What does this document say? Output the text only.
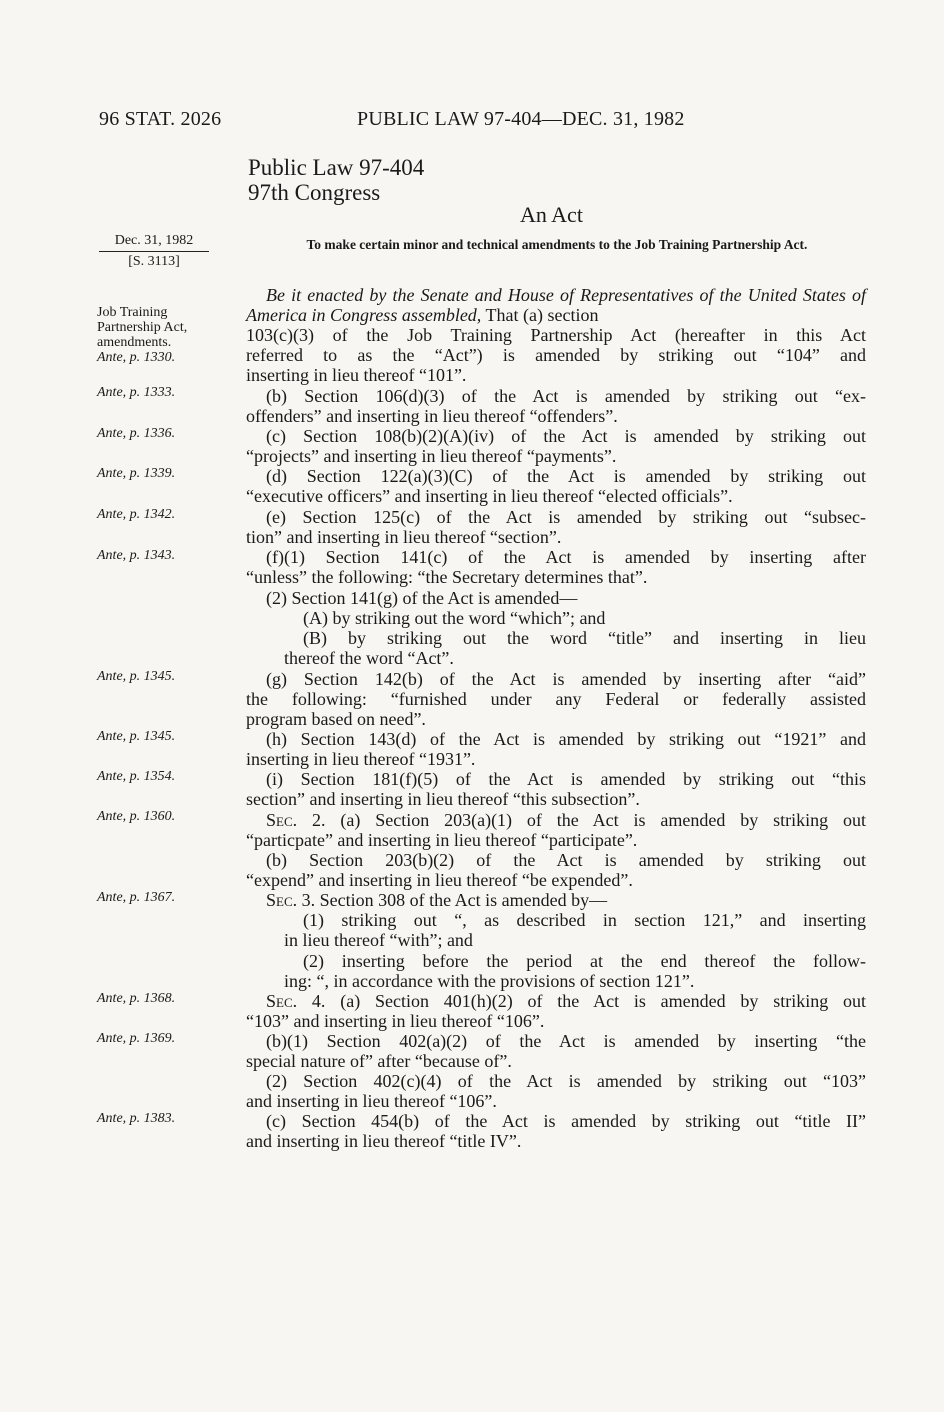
96 STAT. 2026	PUBLIC LAW 97-404—DEC. 31, 1982
Public Law 97-404
97th Congress
An Act
Dec. 31, 1982
[S. 3113]
To make certain minor and technical amendments to the Job Training Partnership Act.
Job Training Partnership Act, amendments.
Ante, p. 1330.
Ante, p. 1333.
Ante, p. 1336.
Ante, p. 1339.
Ante, p. 1342.
Ante, p. 1343.
Ante, p. 1345.
Ante, p. 1345.
Ante, p. 1354.
Ante, p. 1360.
Ante, p. 1367.
Ante, p. 1368.
Ante, p. 1369.
Ante, p. 1383.
Be it enacted by the Senate and House of Representatives of the United States of America in Congress assembled, That (a) section
103(c)(3) of the Job Training Partnership Act (hereafter in this Act
referred to as the “Act”) is amended by striking out “104” and
inserting in lieu thereof “101”.
(b) Section 106(d)(3) of the Act is amended by striking out “ex-
offenders” and inserting in lieu thereof “offenders”.
(c) Section 108(b)(2)(A)(iv) of the Act is amended by striking out
“projects” and inserting in lieu thereof “payments”.
(d) Section 122(a)(3)(C) of the Act is amended by striking out
“executive officers” and inserting in lieu thereof “elected officials”.
(e) Section 125(c) of the Act is amended by striking out “subsec-
tion” and inserting in lieu thereof “section”.
(f)(1) Section 141(c) of the Act is amended by inserting after
“unless” the following: “the Secretary determines that”.
(2) Section 141(g) of the Act is amended—
(A) by striking out the word “which”; and
(B) by striking out the word “title” and inserting in lieu
thereof the word “Act”.
(g) Section 142(b) of the Act is amended by inserting after “aid”
the following: “furnished under any Federal or federally assisted
program based on need”.
(h) Section 143(d) of the Act is amended by striking out “1921” and
inserting in lieu thereof “1931”.
(i) Section 181(f)(5) of the Act is amended by striking out “this
section” and inserting in lieu thereof “this subsection”.
Sec. 2. (a) Section 203(a)(1) of the Act is amended by striking out
“particpate” and inserting in lieu thereof “participate”.
(b) Section 203(b)(2) of the Act is amended by striking out
“expend” and inserting in lieu thereof “be expended”.
Sec. 3. Section 308 of the Act is amended by—
(1) striking out “, as described in section 121,” and inserting
in lieu thereof “with”; and
(2) inserting before the period at the end thereof the follow-
ing: “, in accordance with the provisions of section 121”.
Sec. 4. (a) Section 401(h)(2) of the Act is amended by striking out
“103” and inserting in lieu thereof “106”.
(b)(1) Section 402(a)(2) of the Act is amended by inserting “the
special nature of” after “because of”.
(2) Section 402(c)(4) of the Act is amended by striking out “103”
and inserting in lieu thereof “106”.
(c) Section 454(b) of the Act is amended by striking out “title II”
and inserting in lieu thereof “title IV”.
